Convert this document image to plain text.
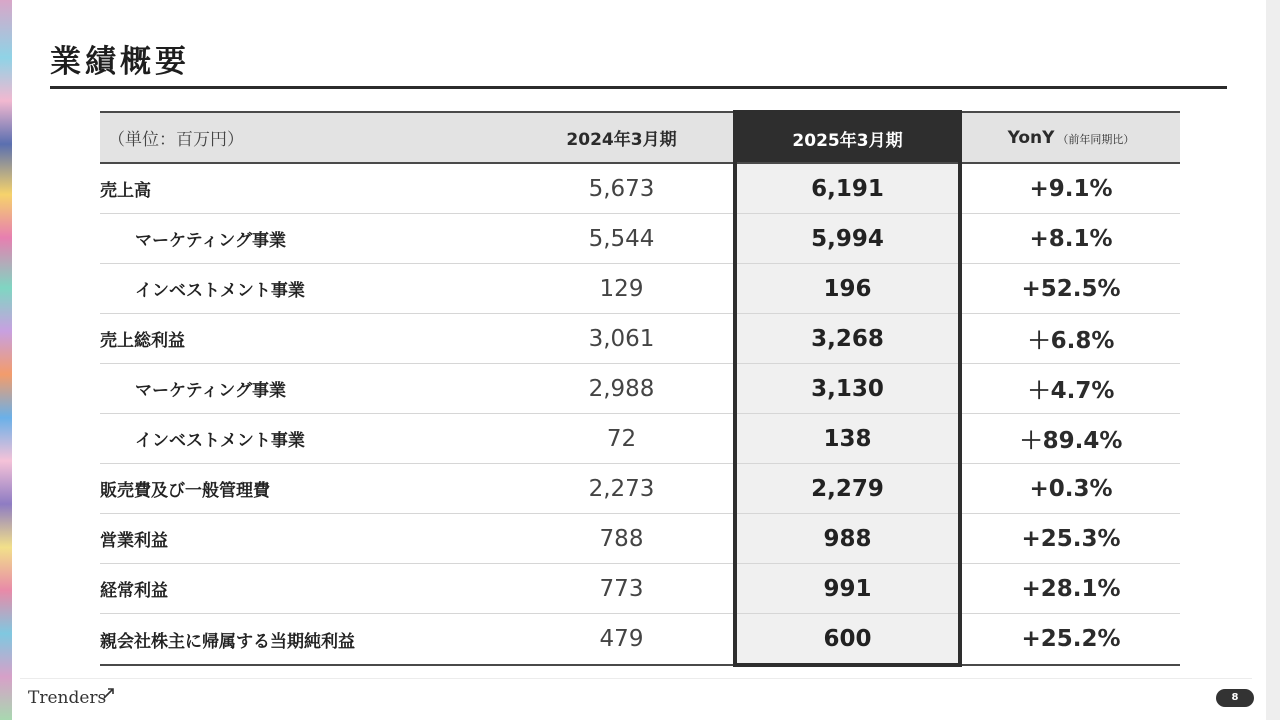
業績概要
（単位：百万円）	2024年3月期	2025年3月期	YonY （前年同期比）
売上高	5,673	6,191	+9.1%
マーケティング事業	5,544	5,994	+8.1%
インベストメント事業	129	196	+52.5%
売上総利益	3,061	3,268	＋6.8%
マーケティング事業	2,988	3,130	＋4.7%
インベストメント事業	72	138	＋89.4%
販売費及び一般管理費	2,273	2,279	+0.3%
営業利益	788	988	+25.3%
経常利益	773	991	+28.1%
親会社株主に帰属する当期純利益	479	600	+25.2%
Trenders	8
